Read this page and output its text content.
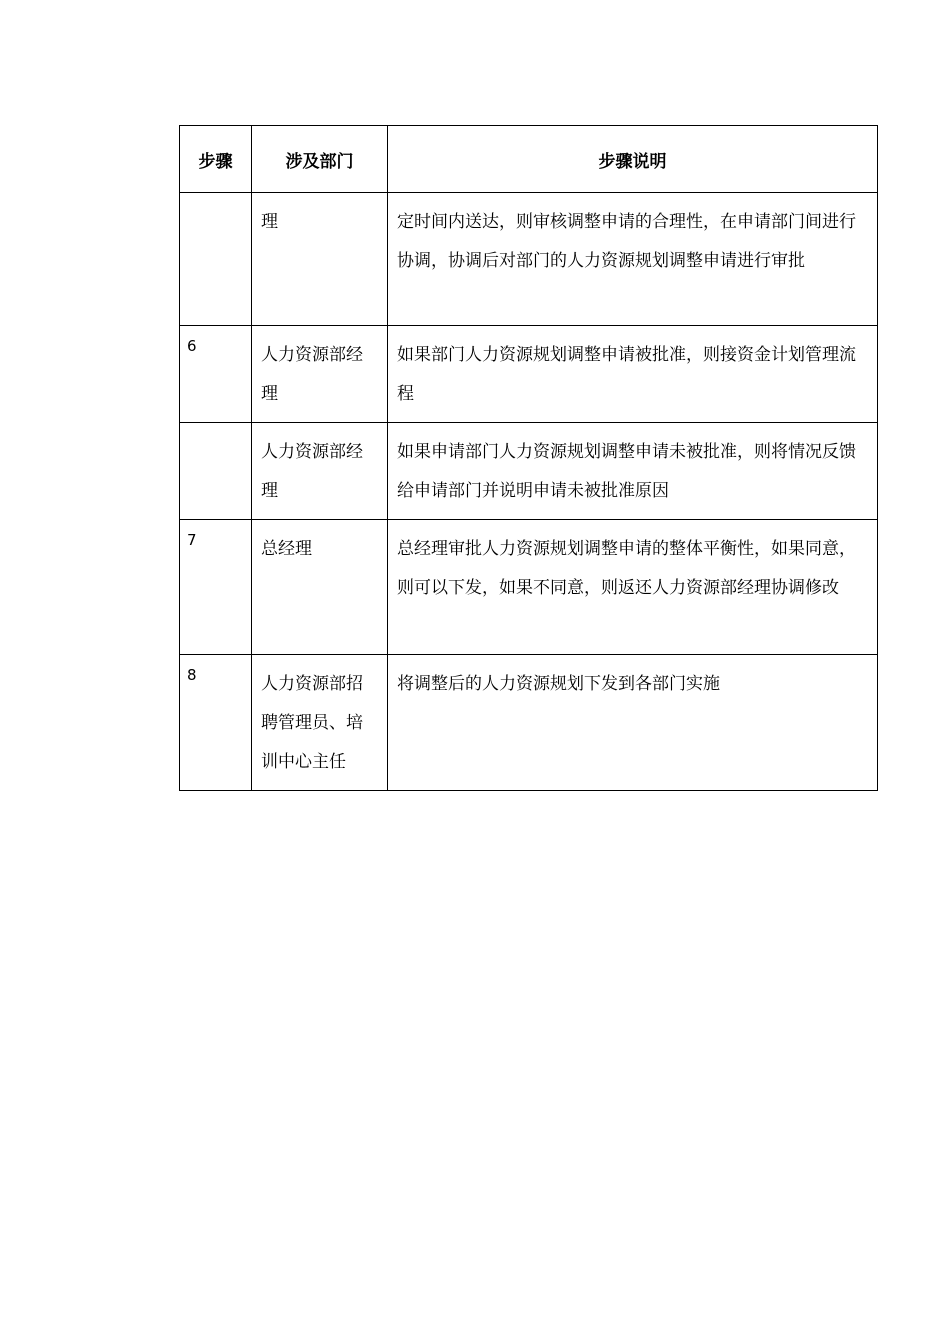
步骤	涉及部门	步骤说明

	理	定时间内送达，则审核调整申请的合理性，在申请部门间进行协调，协调后对部门的人力资源规划调整申请进行审批

6	人力资源部经理	如果部门人力资源规划调整申请被批准，则接资金计划管理流程

	人力资源部经理	如果申请部门人力资源规划调整申请未被批准，则将情况反馈给申请部门并说明申请未被批准原因

7	总经理	总经理审批人力资源规划调整申请的整体平衡性，如果同意，则可以下发，如果不同意，则返还人力资源部经理协调修改

8	人力资源部招聘管理员、培训中心主任	将调整后的人力资源规划下发到各部门实施
